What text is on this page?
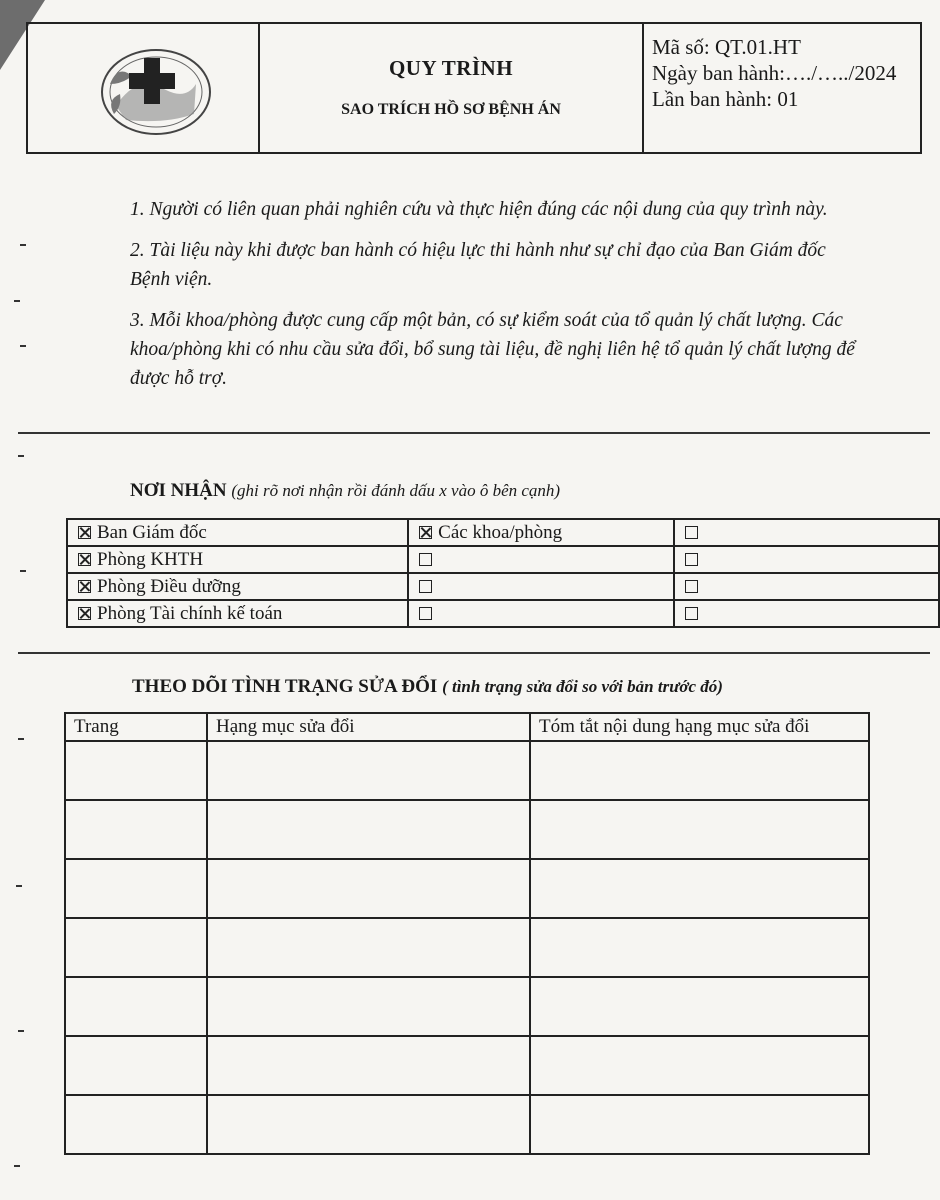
QUY TRÌNH
SAO TRÍCH HỒ SƠ BỆNH ÁN
Mã số: QT.01.HT
Ngày ban hành:…./…../2024
Lần ban hành: 01

1. Người có liên quan phải nghiên cứu và thực hiện đúng các nội dung của quy trình này.

2. Tài liệu này khi được ban hành có hiệu lực thi hành như sự chỉ đạo của Ban Giám đốc Bệnh viện.

3. Mỗi khoa/phòng được cung cấp một bản, có sự kiểm soát của tổ quản lý chất lượng. Các khoa/phòng khi có nhu cầu sửa đổi, bổ sung tài liệu, đề nghị liên hệ tổ quản lý chất lượng để được hỗ trợ.

NƠI NHẬN (ghi rõ nơi nhận rồi đánh dấu x vào ô bên cạnh)
Ban Giám đốc	Các khoa/phòng	
Phòng KHTH		
Phòng Điều dưỡng		
Phòng Tài chính kế toán		
THEO DÕI TÌNH TRẠNG SỬA ĐỔI ( tình trạng sửa đổi so với bản trước đó)
Trang	Hạng mục sửa đổi	Tóm tắt nội dung hạng mục sửa đổi
